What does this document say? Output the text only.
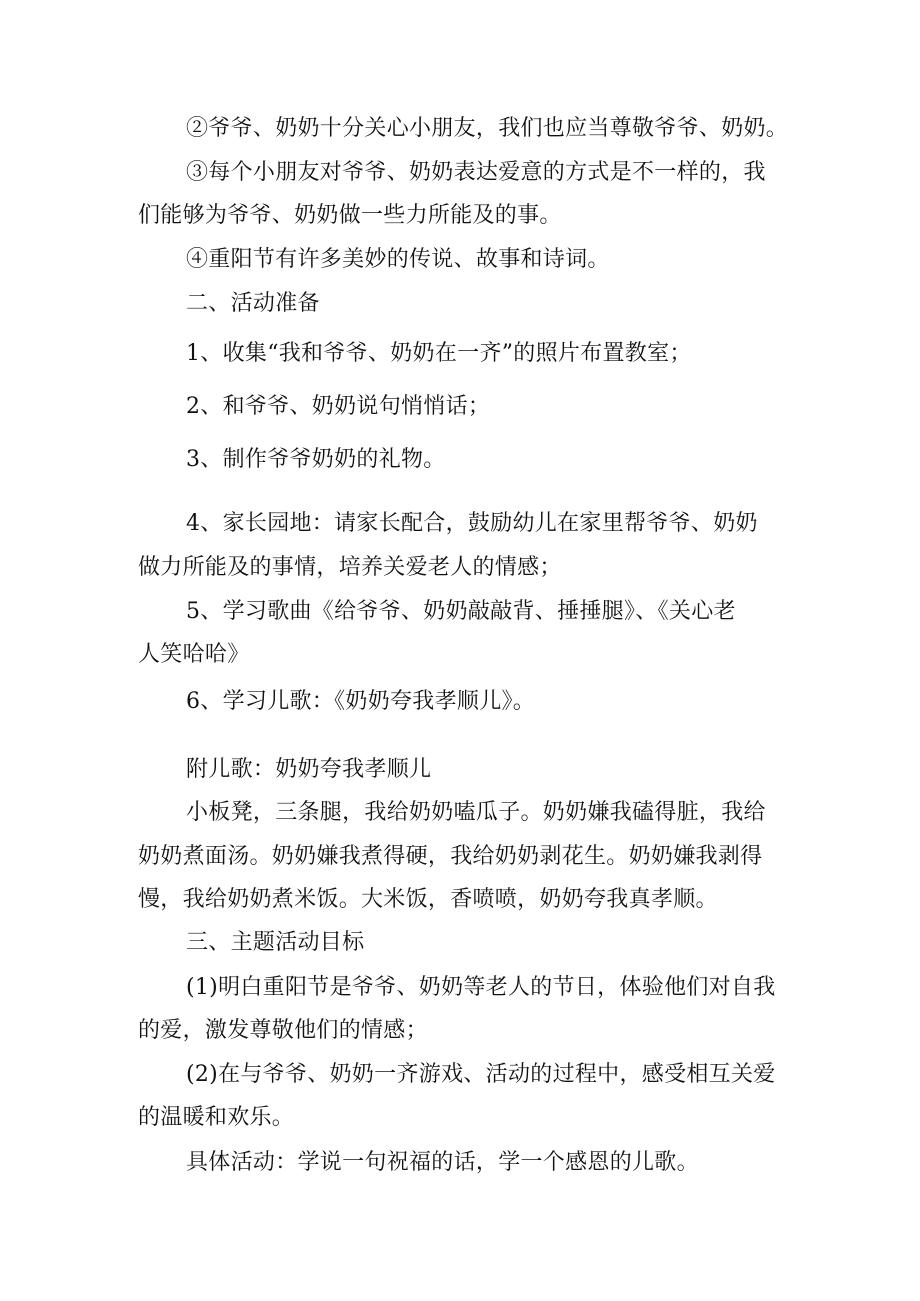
②爷爷、奶奶十分关心小朋友，我们也应当尊敬爷爷、奶奶。
③每个小朋友对爷爷、奶奶表达爱意的方式是不一样的，我
们能够为爷爷、奶奶做一些力所能及的事。
④重阳节有许多美妙的传说、故事和诗词。
二、活动准备
1、收集“我和爷爷、奶奶在一齐”的照片布置教室；
2、和爷爷、奶奶说句悄悄话；
3、制作爷爷奶奶的礼物。
4、家长园地：请家长配合，鼓励幼儿在家里帮爷爷、奶奶
做力所能及的事情，培养关爱老人的情感；
5、学习歌曲《给爷爷、奶奶敲敲背、捶捶腿》、《关心老
人笑哈哈》
6、学习儿歌：《奶奶夸我孝顺儿》。
附儿歌：奶奶夸我孝顺儿
小板凳，三条腿，我给奶奶嗑瓜子。奶奶嫌我磕得脏，我给
奶奶煮面汤。奶奶嫌我煮得硬，我给奶奶剥花生。奶奶嫌我剥得
慢，我给奶奶煮米饭。大米饭，香喷喷，奶奶夸我真孝顺。
三、主题活动目标
(1)明白重阳节是爷爷、奶奶等老人的节日，体验他们对自我
的爱，激发尊敬他们的情感；
(2)在与爷爷、奶奶一齐游戏、活动的过程中，感受相互关爱
的温暖和欢乐。
具体活动：学说一句祝福的话，学一个感恩的儿歌。
